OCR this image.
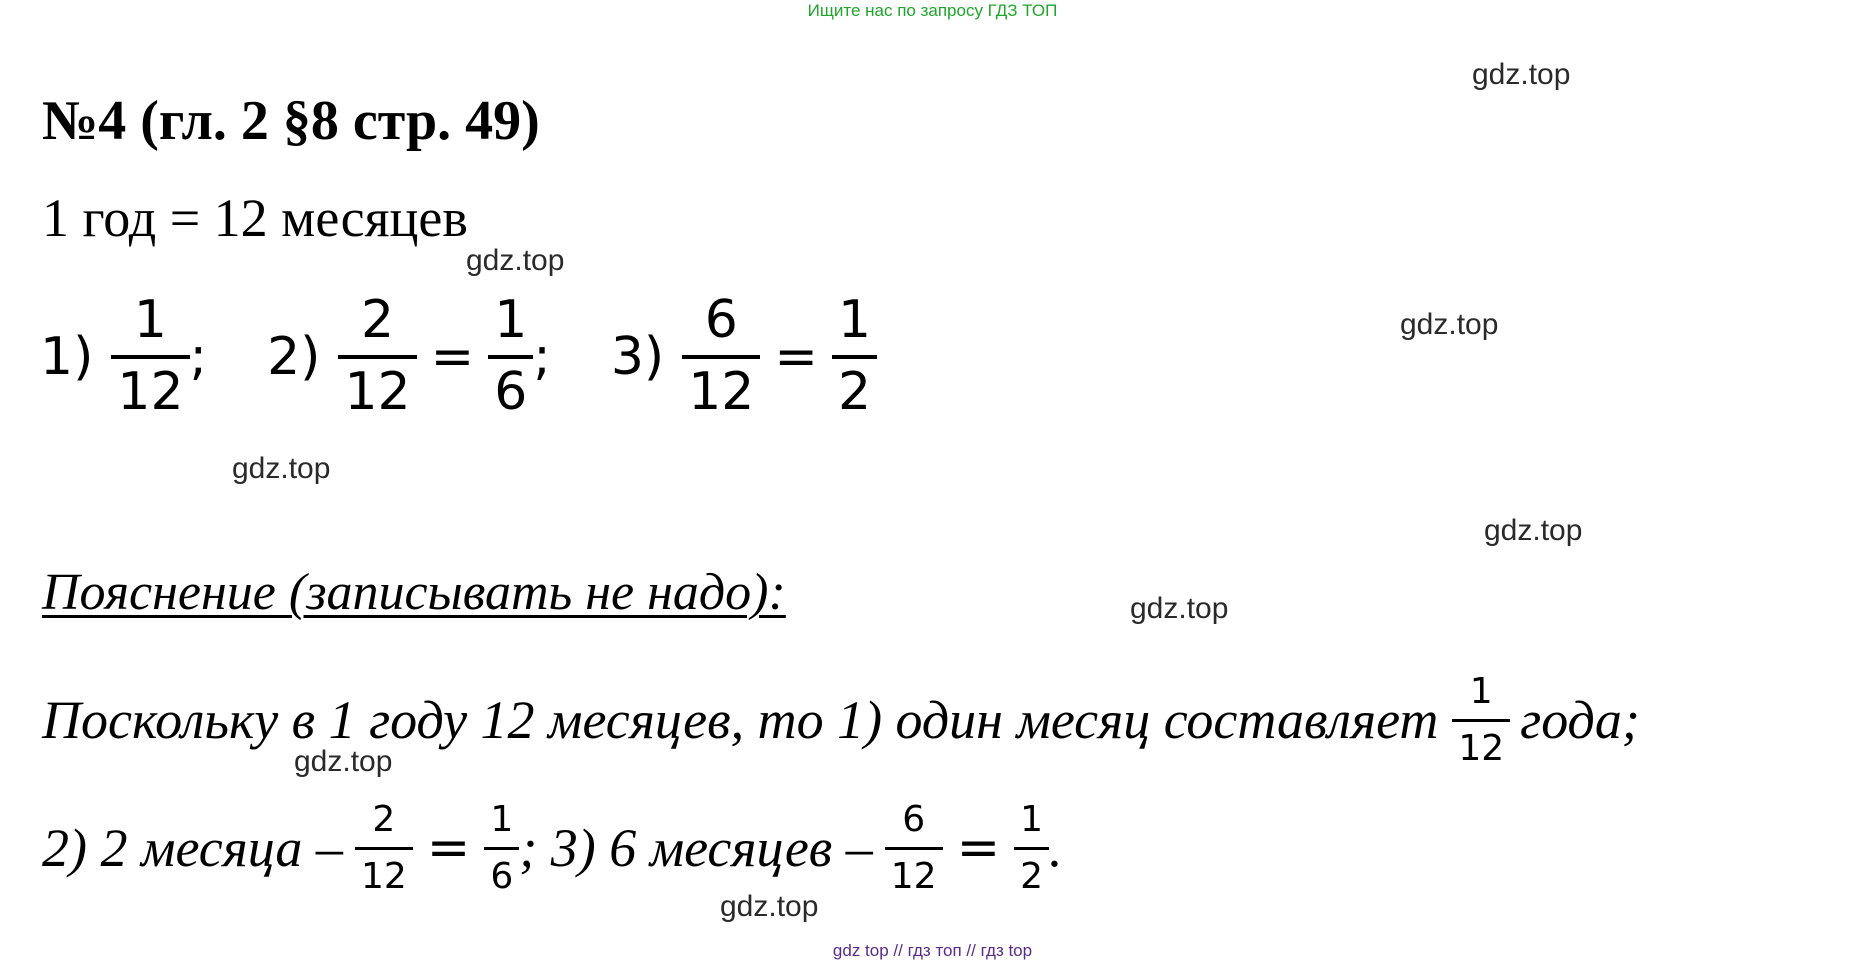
Ищите нас по запросу ГДЗ ТОП
№4 (гл. 2 §8 стр. 49)
1 год = 12 месяцев
$1) \frac{1}{12}$ ; $2) \frac{2}{12} = \frac{1}{6}$ ; $3) \frac{6}{12} = \frac{1}{2}$
Пояснение (записывать не надо):
Поскольку в 1 году 12 месяцев, то 1) один месяц составляет $\frac{1}{12}$ года;
2) 2 месяца – $\frac{2}{12} = \frac{1}{6}$ ; 3) 6 месяцев – $\frac{6}{12} = \frac{1}{2}$ .
gdz.top
gdz.top
gdz.top
gdz.top
gdz.top
gdz.top
gdz.top
gdz.top
gdz top // гдз топ // гдз top
